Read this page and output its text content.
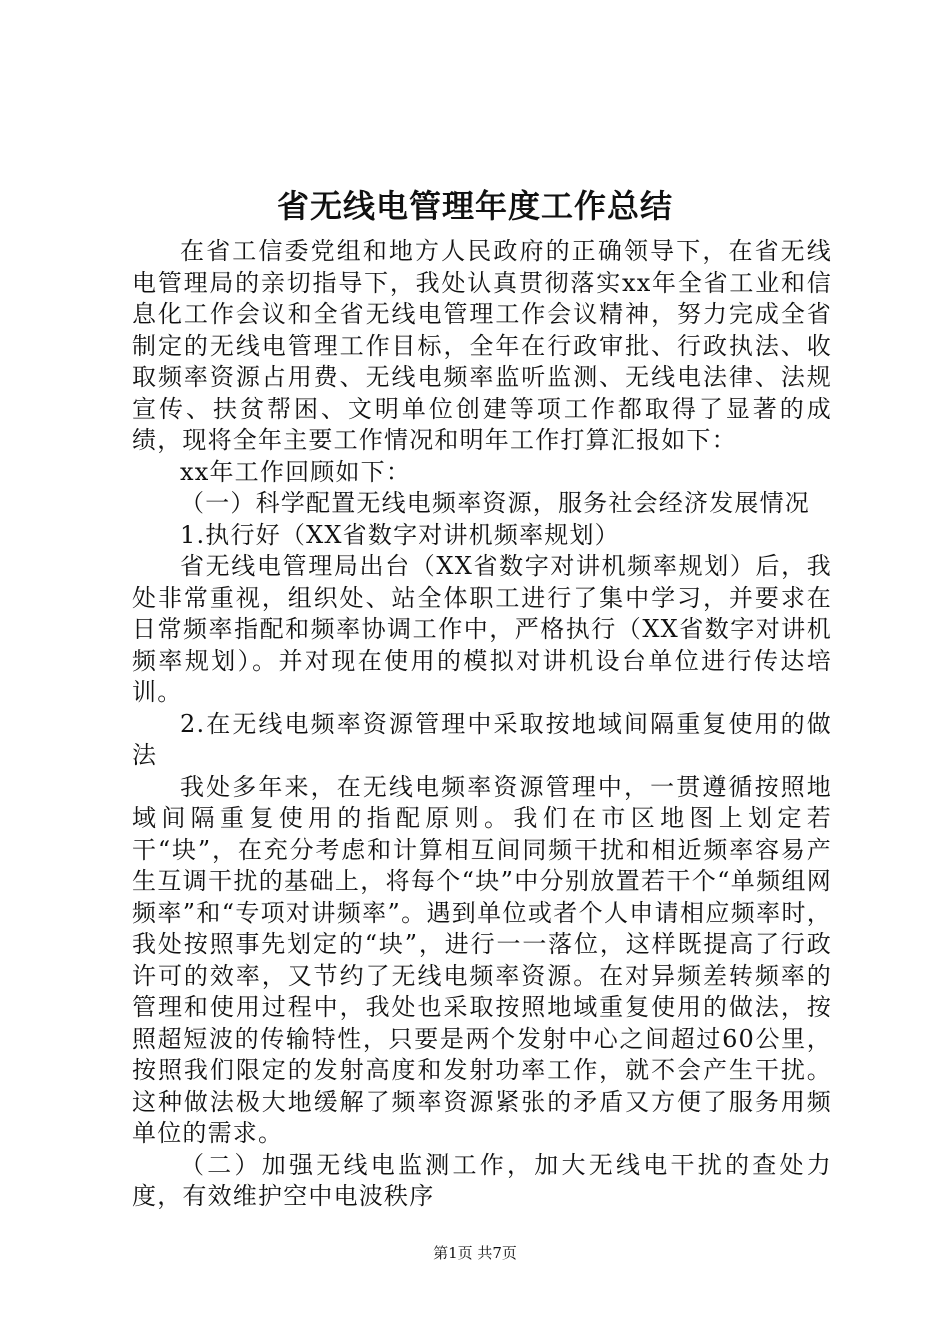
省无线电管理年度工作总结

在省工信委党组和地方人民政府的正确领导下，在省无线电管理局的亲切指导下，我处认真贯彻落实xx年全省工业和信息化工作会议和全省无线电管理工作会议精神，努力完成全省制定的无线电管理工作目标，全年在行政审批、行政执法、收取频率资源占用费、无线电频率监听监测、无线电法律、法规宣传、扶贫帮困、文明单位创建等项工作都取得了显著的成绩，现将全年主要工作情况和明年工作打算汇报如下：

xx年工作回顾如下：

（一）科学配置无线电频率资源，服务社会经济发展情况

1.执行好（XX省数字对讲机频率规划）

省无线电管理局出台（XX省数字对讲机频率规划）后，我处非常重视，组织处、站全体职工进行了集中学习，并要求在日常频率指配和频率协调工作中，严格执行（XX省数字对讲机频率规划）。并对现在使用的模拟对讲机设台单位进行传达培训。

2.在无线电频率资源管理中采取按地域间隔重复使用的做法

我处多年来，在无线电频率资源管理中，一贯遵循按照地域间隔重复使用的指配原则。我们在市区地图上划定若干“块”，在充分考虑和计算相互间同频干扰和相近频率容易产生互调干扰的基础上，将每个“块”中分别放置若干个“单频组网频率”和“专项对讲频率”。遇到单位或者个人申请相应频率时，我处按照事先划定的“块”，进行一一落位，这样既提高了行政许可的效率，又节约了无线电频率资源。在对异频差转频率的管理和使用过程中，我处也采取按照地域重复使用的做法，按照超短波的传输特性，只要是两个发射中心之间超过60公里，按照我们限定的发射高度和发射功率工作，就不会产生干扰。这种做法极大地缓解了频率资源紧张的矛盾又方便了服务用频单位的需求。

（二）加强无线电监测工作，加大无线电干扰的查处力度，有效维护空中电波秩序

第1页 共7页
